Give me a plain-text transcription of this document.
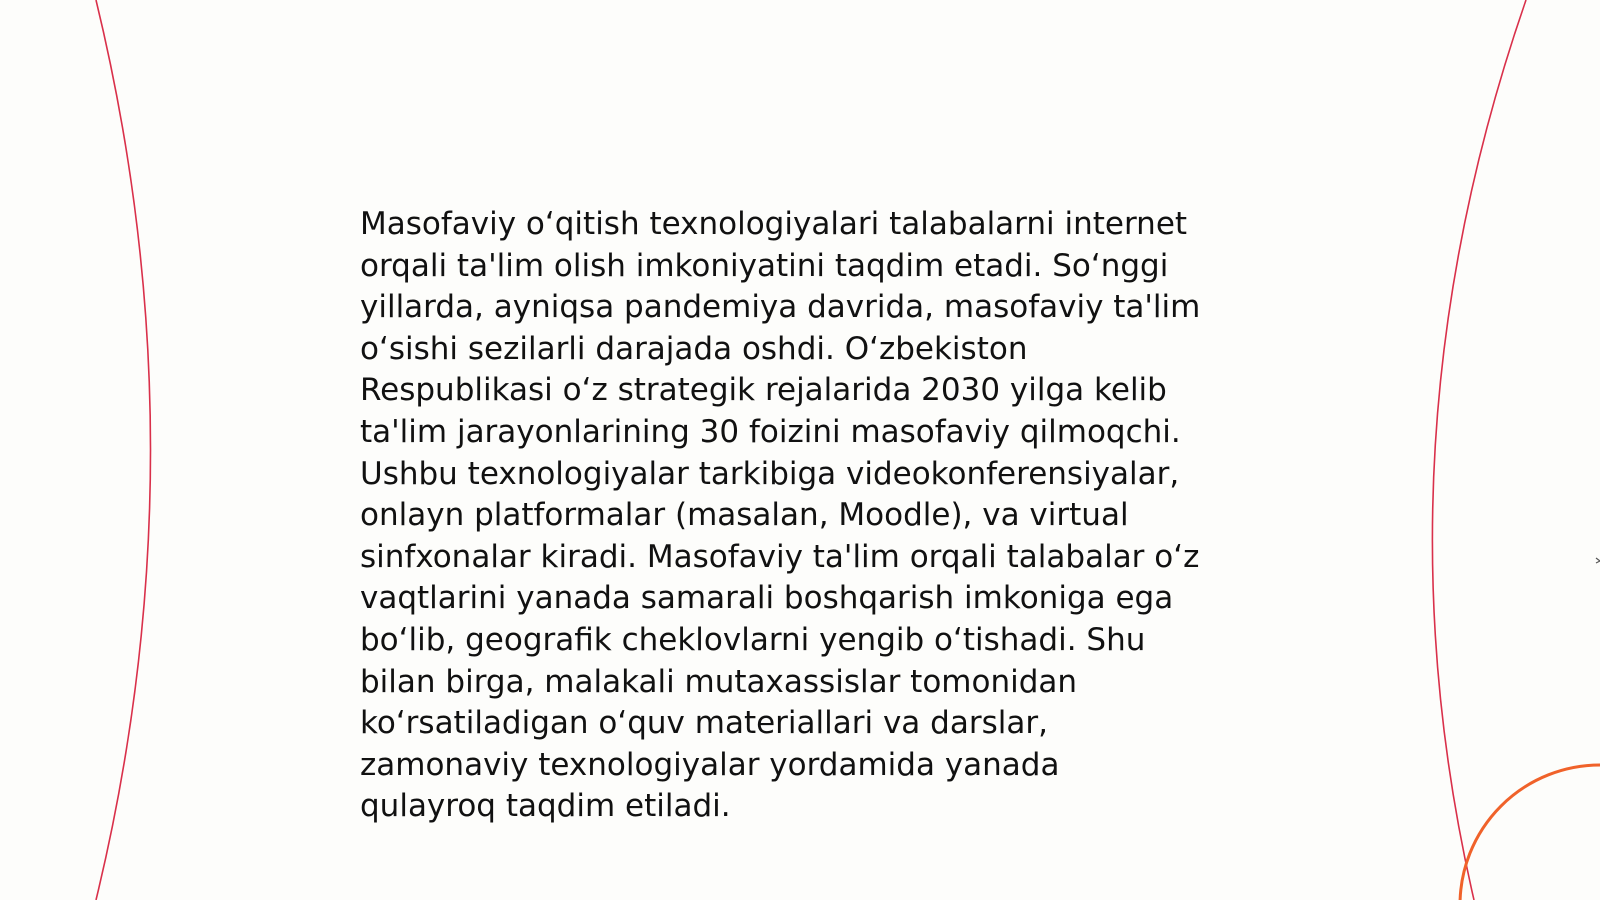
Masofaviy o‘qitish texnologiyalari talabalarni internet
orqali ta'lim olish imkoniyatini taqdim etadi. So‘nggi
yillarda, ayniqsa pandemiya davrida, masofaviy ta'lim
o‘sishi sezilarli darajada oshdi. O‘zbekiston
Respublikasi o‘z strategik rejalarida 2030 yilga kelib
ta'lim jarayonlarining 30 foizini masofaviy qilmoqchi.
Ushbu texnologiyalar tarkibiga videokonferensiyalar,
onlayn platformalar (masalan, Moodle), va virtual
sinfxonalar kiradi. Masofaviy ta'lim orqali talabalar o‘z
vaqtlarini yanada samarali boshqarish imkoniga ega
bo‘lib, geografik cheklovlarni yengib o‘tishadi. Shu
bilan birga, malakali mutaxassislar tomonidan
ko‘rsatiladigan o‘quv materiallari va darslar,
zamonaviy texnologiyalar yordamida yanada
qulayroq taqdim etiladi.
